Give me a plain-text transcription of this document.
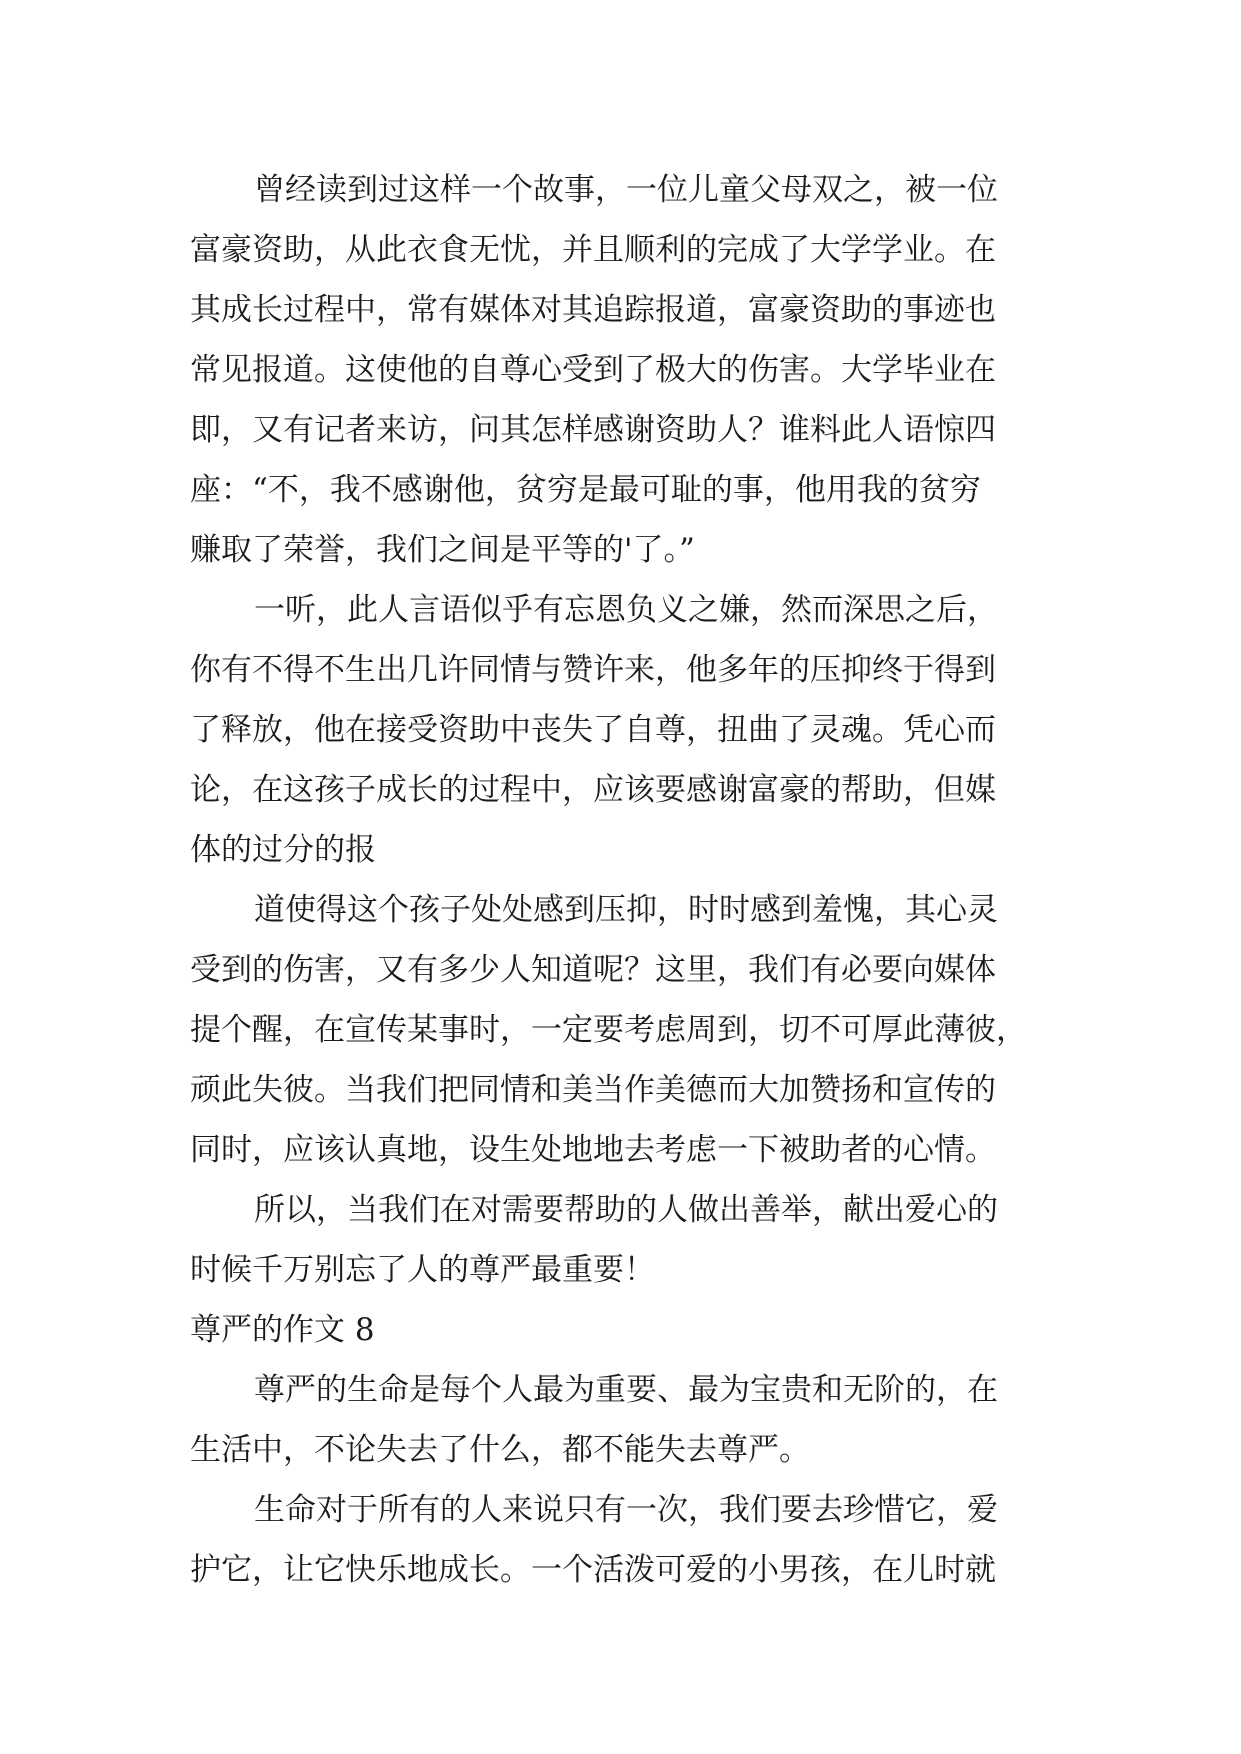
曾经读到过这样一个故事，一位儿童父母双之，被一位

富豪资助，从此衣食无忧，并且顺利的完成了大学学业。在

其成长过程中，常有媒体对其追踪报道，富豪资助的事迹也

常见报道。这使他的自尊心受到了极大的伤害。大学毕业在

即，又有记者来访，问其怎样感谢资助人？谁料此人语惊四

座：“不，我不感谢他，贫穷是最可耻的事，他用我的贫穷

赚取了荣誉，我们之间是平等的'了。”

一听，此人言语似乎有忘恩负义之嫌，然而深思之后，

你有不得不生出几许同情与赞许来，他多年的压抑终于得到

了释放，他在接受资助中丧失了自尊，扭曲了灵魂。凭心而

论，在这孩子成长的过程中，应该要感谢富豪的帮助，但媒

体的过分的报

道使得这个孩子处处感到压抑，时时感到羞愧，其心灵

受到的伤害，又有多少人知道呢？这里，我们有必要向媒体

提个醒，在宣传某事时，一定要考虑周到，切不可厚此薄彼，

顽此失彼。当我们把同情和美当作美德而大加赞扬和宣传的

同时，应该认真地，设生处地地去考虑一下被助者的心情。

所以，当我们在对需要帮助的人做出善举，献出爱心的

时候千万别忘了人的尊严最重要！

尊严的作文 8

尊严的生命是每个人最为重要、最为宝贵和无阶的，在

生活中，不论失去了什么，都不能失去尊严。

生命对于所有的人来说只有一次，我们要去珍惜它，爱

护它，让它快乐地成长。一个活泼可爱的小男孩，在儿时就
